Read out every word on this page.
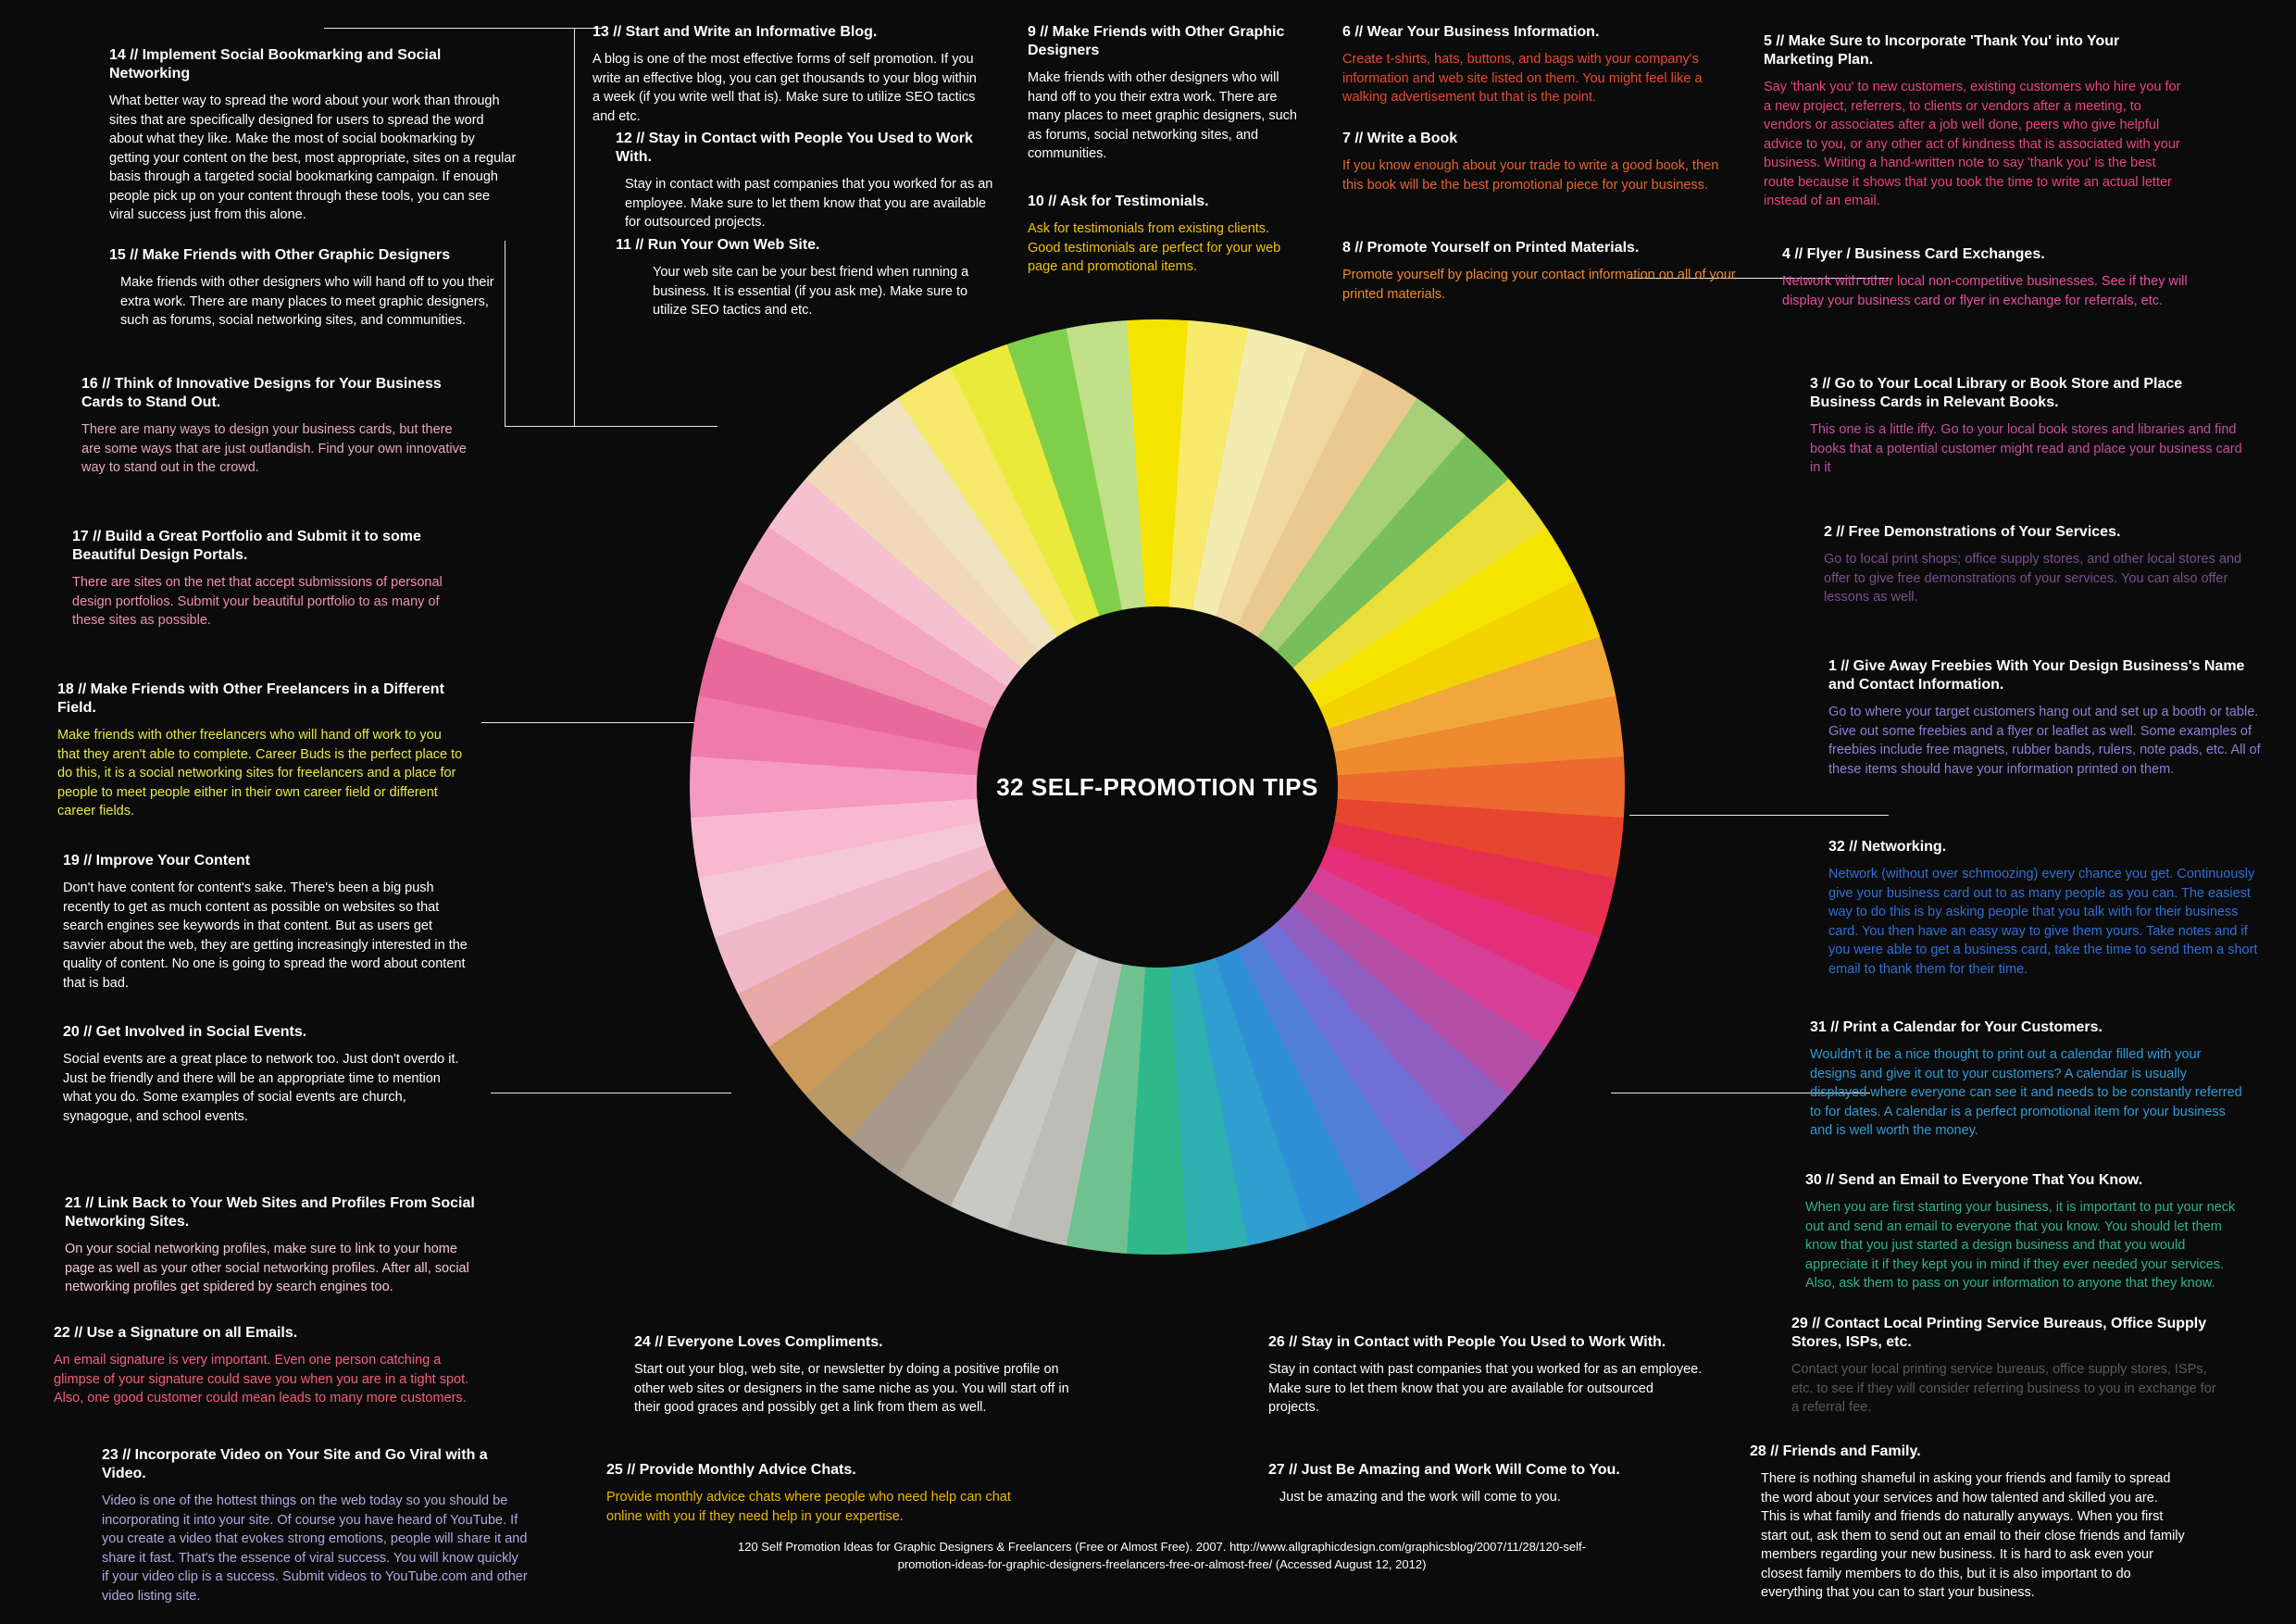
32 SELF-PROMOTION TIPS
14 // Implement Social Bookmarking and Social Networking
What better way to spread the word about your work than through sites that are specifically designed for users to spread the word about what they like. Make the most of social bookmarking by getting your content on the best, most appropriate, sites on a regular basis through a targeted social bookmarking campaign. If enough people pick up on your content through these tools, you can see viral success just from this alone.
15 // Make Friends with Other Graphic Designers
Make friends with other designers who will hand off to you their extra work. There are many places to meet graphic designers, such as forums, social networking sites, and communities.
16 // Think of Innovative Designs for Your Business Cards to Stand Out.
There are many ways to design your business cards, but there are some ways that are just outlandish. Find your own innovative way to stand out in the crowd.
17 // Build a Great Portfolio and Submit it to some Beautiful Design Portals.
There are sites on the net that accept submissions of personal design portfolios. Submit your beautiful portfolio to as many of these sites as possible.
18 // Make Friends with Other Freelancers in a Different Field.
Make friends with other freelancers who will hand off work to you that they aren't able to complete. Career Buds is the perfect place to do this, it is a social networking sites for freelancers and a place for people to meet people either in their own career field or different career fields.
19 // Improve Your Content
Don't have content for content's sake. There's been a big push recently to get as much content as possible on websites so that search engines see keywords in that content. But as users get savvier about the web, they are getting increasingly interested in the quality of content. No one is going to spread the word about content that is bad.
20 // Get Involved in Social Events.
Social events are a great place to network too. Just don't overdo it. Just be friendly and there will be an appropriate time to mention what you do. Some examples of social events are church, synagogue, and school events.
21 // Link Back to Your Web Sites and Profiles From Social Networking Sites.
On your social networking profiles, make sure to link to your home page as well as your other social networking profiles. After all, social networking profiles get spidered by search engines too.
22 // Use a Signature on all Emails.
An email signature is very important. Even one person catching a glimpse of your signature could save you when you are in a tight spot. Also, one good customer could mean leads to many more customers.
23 // Incorporate Video on Your Site and Go Viral with a Video.
Video is one of the hottest things on the web today so you should be incorporating it into your site. Of course you have heard of YouTube. If you create a video that evokes strong emotions, people will share it and share it fast. That's the essence of viral success. You will know quickly if your video clip is a success. Submit videos to YouTube.com and other video listing site.
24 // Everyone Loves Compliments.
Start out your blog, web site, or newsletter by doing a positive profile on other web sites or designers in the same niche as you. You will start off in their good graces and possibly get a link from them as well.
25 // Provide Monthly Advice Chats.
Provide monthly advice chats where people who need help can chat online with you if they need help in your expertise.
26 // Stay in Contact with People You Used to Work With.
Stay in contact with past companies that you worked for as an employee. Make sure to let them know that you are available for outsourced projects.
27 // Just Be Amazing and Work Will Come to You.
Just be amazing and the work will come to you.
28 // Friends and Family.
There is nothing shameful in asking your friends and family to spread the word about your services and how talented and skilled you are. This is what family and friends do naturally anyways. When you first start out, ask them to send out an email to their close friends and family members regarding your new business. It is hard to ask even your closest family members to do this, but it is also important to do everything that you can to start your business.
29 // Contact Local Printing Service Bureaus, Office Supply Stores, ISPs, etc.
Contact your local printing service bureaus, office supply stores, ISPs, etc. to see if they will consider referring business to you in exchange for a referral fee.
30 // Send an Email to Everyone That You Know.
When you are first starting your business, it is important to put your neck out and send an email to everyone that you know. You should let them know that you just started a design business and that you would appreciate it if they kept you in mind if they ever needed your services. Also, ask them to pass on your information to anyone that they know.
31 // Print a Calendar for Your Customers.
Wouldn't it be a nice thought to print out a calendar filled with your designs and give it out to your customers? A calendar is usually displayed where everyone can see it and needs to be constantly referred to for dates. A calendar is a perfect promotional item for your business and is well worth the money.
32 // Networking.
Network (without over schmoozing) every chance you get. Continuously give your business card out to as many people as you can. The easiest way to do this is by asking people that you talk with for their business card. You then have an easy way to give them yours. Take notes and if you were able to get a business card, take the time to send them a short email to thank them for their time.
1 // Give Away Freebies With Your Design Business's Name and Contact Information.
Go to where your target customers hang out and set up a booth or table. Give out some freebies and a flyer or leaflet as well. Some examples of freebies include free magnets, rubber bands, rulers, note pads, etc. All of these items should have your information printed on them.
2 // Free Demonstrations of Your Services.
Go to local print shops; office supply stores, and other local stores and offer to give free demonstrations of your services. You can also offer lessons as well.
3 // Go to Your Local Library or Book Store and Place Business Cards in Relevant Books.
This one is a little iffy. Go to your local book stores and libraries and find books that a potential customer might read and place your business card in it
4 // Flyer / Business Card Exchanges.
Network with other local non-competitive businesses. See if they will display your business card or flyer in exchange for referrals, etc.
5 // Make Sure to Incorporate 'Thank You' into Your Marketing Plan.
Say 'thank you' to new customers, existing customers who hire you for a new project, referrers, to clients or vendors after a meeting, to vendors or associates after a job well done, peers who give helpful advice to you, or any other act of kindness that is associated with your business. Writing a hand-written note to say 'thank you' is the best route because it shows that you took the time to write an actual letter instead of an email.
6 // Wear Your Business Information.
Create t-shirts, hats, buttons, and bags with your company's information and web site listed on them. You might feel like a walking advertisement but that is the point.
7 // Write a Book
If you know enough about your trade to write a good book, then this book will be the best promotional piece for your business.
8 // Promote Yourself on Printed Materials.
Promote yourself by placing your contact information on all of your printed materials.
9 // Make Friends with Other Graphic Designers
Make friends with other designers who will hand off to you their extra work. There are many places to meet graphic designers, such as forums, social networking sites, and communities.
10 // Ask for Testimonials.
Ask for testimonials from existing clients. Good testimonials are perfect for your web page and promotional items.
11 // Run Your Own Web Site.
Your web site can be your best friend when running a business. It is essential (if you ask me). Make sure to utilize SEO tactics and etc.
12 // Stay in Contact with People You Used to Work With.
Stay in contact with past companies that you worked for as an employee. Make sure to let them know that you are available for outsourced projects.
13 // Start and Write an Informative Blog.
A blog is one of the most effective forms of self promotion. If you write an effective blog, you can get thousands to your blog within a week (if you write well that is). Make sure to utilize SEO tactics and etc.
120 Self Promotion Ideas for Graphic Designers & Freelancers (Free or Almost Free). 2007. http://www.allgraphicdesign.com/graphicsblog/2007/11/28/120-self-promotion-ideas-for-graphic-designers-freelancers-free-or-almost-free/ (Accessed August 12, 2012)
